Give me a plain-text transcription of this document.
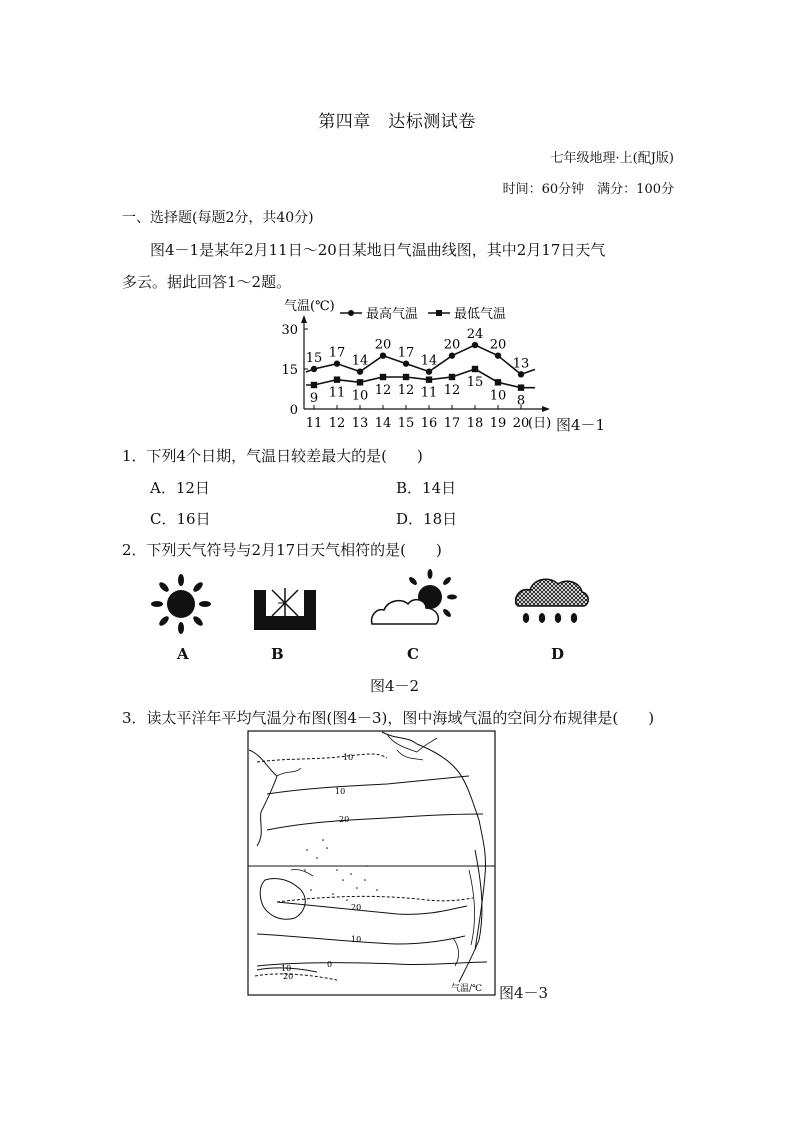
第四章　达标测试卷
七年级地理·上(配J版)
时间：60分钟　满分：100分
一、选择题(每题2分，共40分)
图4－1是某年2月11日～20日某地日气温曲线图，其中2月17日天气
多云。据此回答1～2题。
气温(℃)
最高气温	最低气温
0
15
30
11 12 13 14 15 16 17 18 19 20
15 17
14
20
17
14
20
24
20
13
9 11 10 12 12 11 12
15
10 8
(日) 图4－1
1．下列4个日期，气温日较差最大的是(　　)
A．12日	B．14日
C．16日	D．18日
2．下列天气符号与2月17日天气相符的是(　　)
A	B	C	D
图4－2
3．读太平洋年平均气温分布图(图4－3)，图中海域气温的空间分布规律是(　　)
10
10
20
20
10
0
10
20
气温/℃ 图4－3
